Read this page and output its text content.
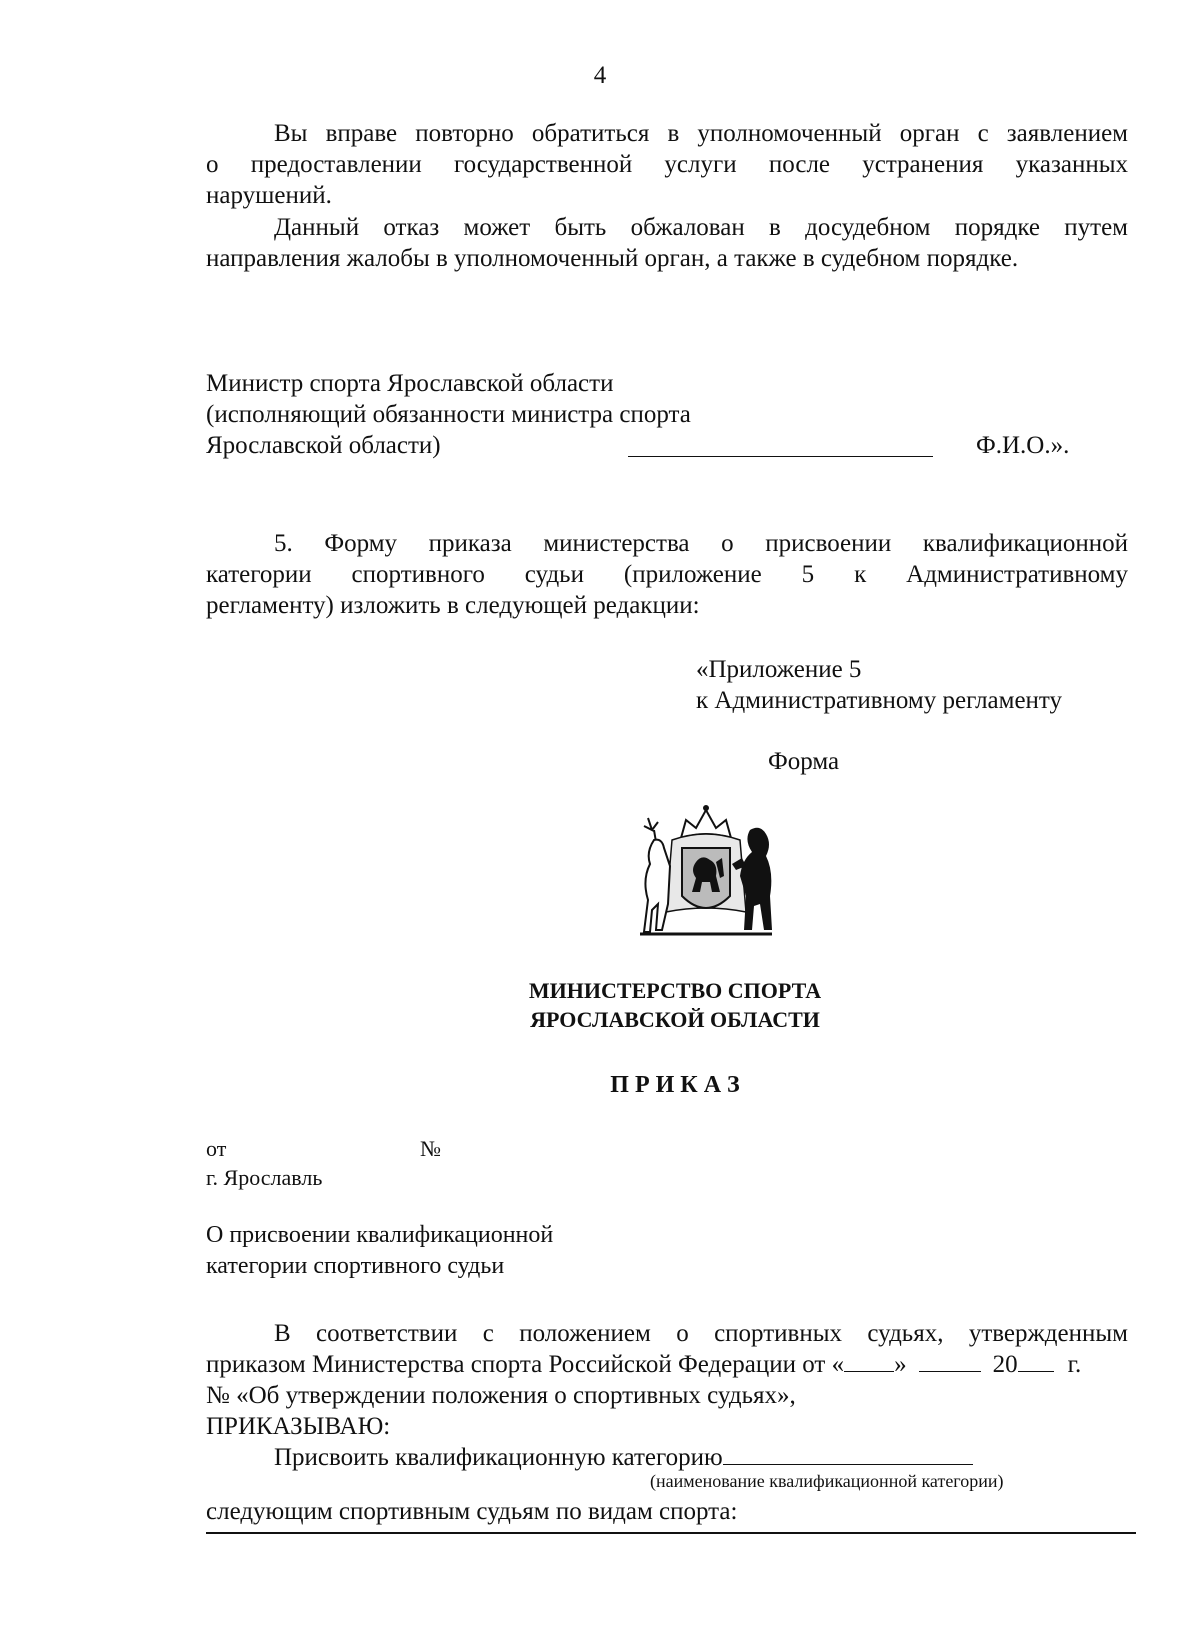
4
Вы вправе повторно обратиться в уполномоченный орган с заявлением
о предоставлении государственной услуги после устранения указанных
нарушений.
Данный отказ может быть обжалован в досудебном порядке путем
направления жалобы в уполномоченный орган, а также в судебном порядке.
Министр спорта Ярославской области
(исполняющий обязанности министра спорта
Ярославской области)	Ф.И.О.».
5. Форму приказа министерства о присвоении квалификационной
категории спортивного судьи (приложение 5 к Административному
регламенту) изложить в следующей редакции:
«Приложение 5
к Административному регламенту
Форма
МИНИСТЕРСТВО СПОРТА
ЯРОСЛАВСКОЙ ОБЛАСТИ
П Р И К А З
от	№
г. Ярославль
О присвоении квалификационной
категории спортивного судьи
В соответствии с положением о спортивных судьях, утвержденным
приказом Министерства спорта Российской Федерации от « »	20 г.
№ «Об утверждении положения о спортивных судьях»,
ПРИКАЗЫВАЮ:
Присвоить квалификационную категорию
(наименование квалификационной категории)
следующим спортивным судьям по видам спорта:
